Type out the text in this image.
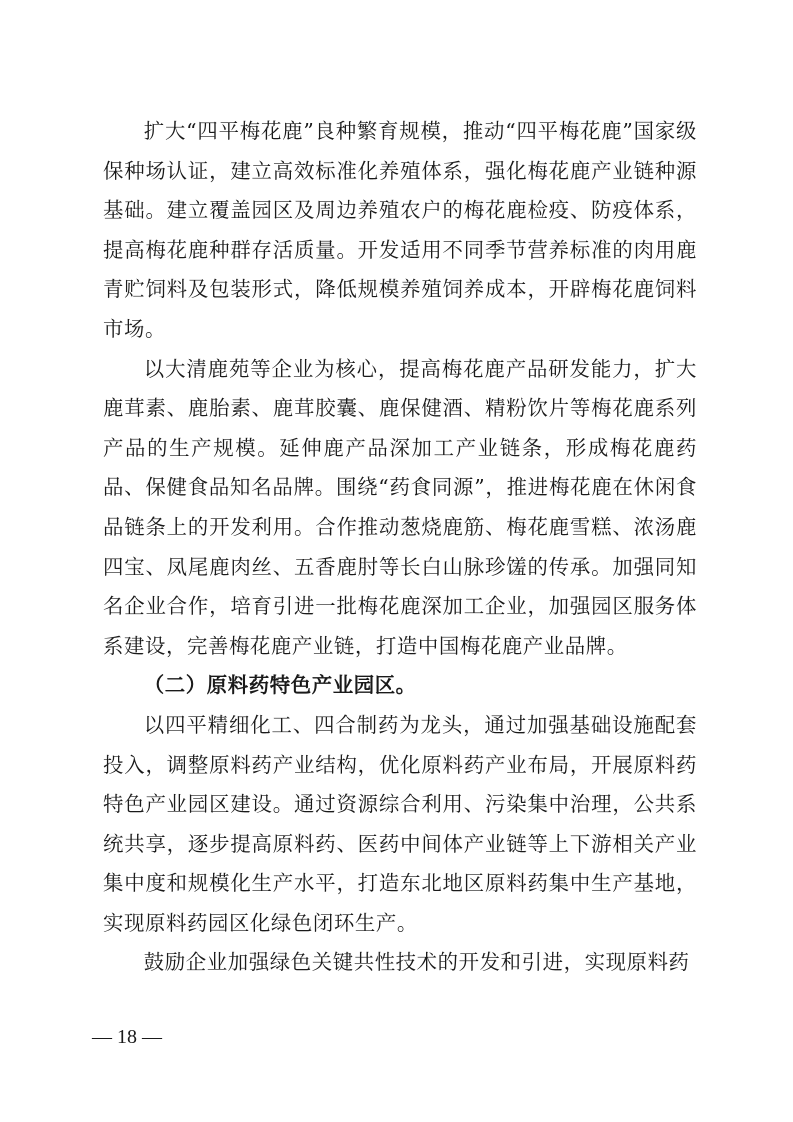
扩大“四平梅花鹿”良种繁育规模，推动“四平梅花鹿”国家级保种场认证，建立高效标准化养殖体系，强化梅花鹿产业链种源基础。建立覆盖园区及周边养殖农户的梅花鹿检疫、防疫体系，提高梅花鹿种群存活质量。开发适用不同季节营养标准的肉用鹿青贮饲料及包装形式，降低规模养殖饲养成本，开辟梅花鹿饲料市场。

以大清鹿苑等企业为核心，提高梅花鹿产品研发能力，扩大鹿茸素、鹿胎素、鹿茸胶囊、鹿保健酒、精粉饮片等梅花鹿系列产品的生产规模。延伸鹿产品深加工产业链条，形成梅花鹿药品、保健食品知名品牌。围绕“药食同源”，推进梅花鹿在休闲食品链条上的开发利用。合作推动葱烧鹿筋、梅花鹿雪糕、浓汤鹿四宝、凤尾鹿肉丝、五香鹿肘等长白山脉珍馐的传承。加强同知名企业合作，培育引进一批梅花鹿深加工企业，加强园区服务体系建设，完善梅花鹿产业链，打造中国梅花鹿产业品牌。

（二）原料药特色产业园区。

以四平精细化工、四合制药为龙头，通过加强基础设施配套投入，调整原料药产业结构，优化原料药产业布局，开展原料药特色产业园区建设。通过资源综合利用、污染集中治理，公共系统共享，逐步提高原料药、医药中间体产业链等上下游相关产业集中度和规模化生产水平，打造东北地区原料药集中生产基地，实现原料药园区化绿色闭环生产。

鼓励企业加强绿色关键共性技术的开发和引进，实现原料药

— 18 —
